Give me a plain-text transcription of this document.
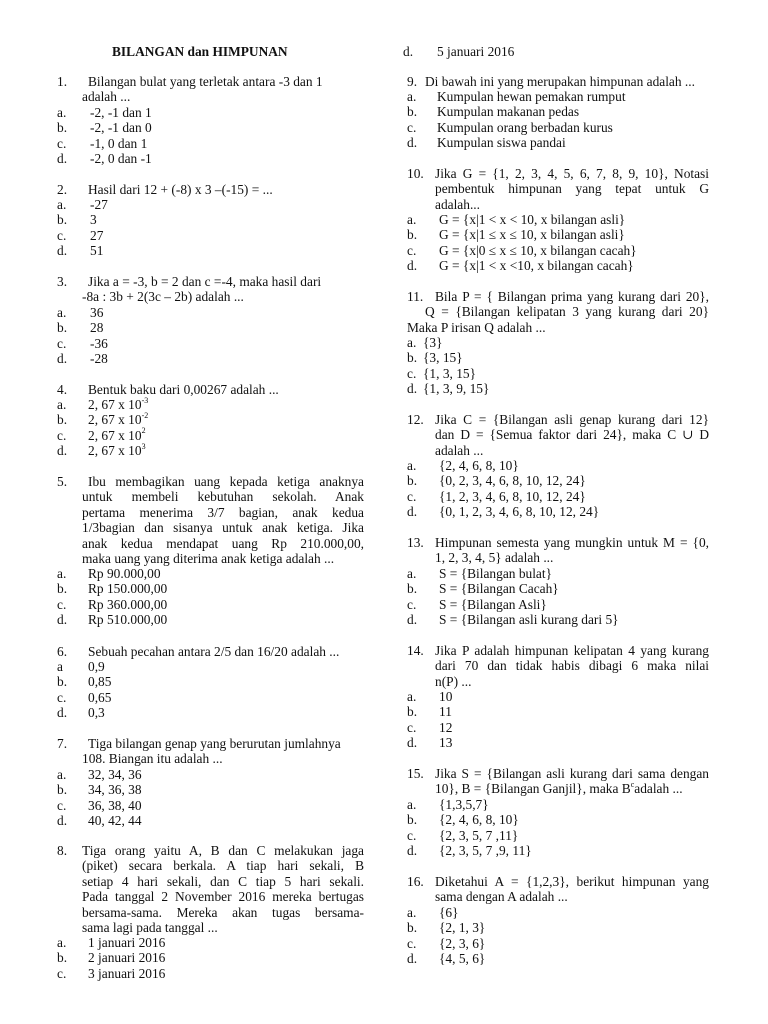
BILANGAN dan HIMPUNAN
1. Bilangan bulat yang terletak antara -3 dan 1
adalah ...
a. -2, -1 dan 1
b. -2, -1 dan 0
c. -1, 0 dan 1
d. -2, 0 dan -1
2. Hasil dari 12 + (-8) x 3 –(-15) = ...
a. -27
b. 3
c. 27
d. 51
3. Jika a = -3, b = 2 dan c =-4, maka hasil dari
-8a : 3b + 2(3c – 2b) adalah ...
a. 36
b. 28
c. -36
d. -28
4. Bentuk baku dari 0,00267 adalah ...
a. 2, 67 x $10^{-3}$
b. 2, 67 x $10^{-2}$
c. 2, 67 x $10^2$
d. 2, 67 x $10^3$
5. Ibu membagikan uang kepada ketiga anaknya
untuk membeli kebutuhan sekolah. Anak
pertama menerima 3/7 bagian, anak kedua
1/3bagian dan sisanya untuk anak ketiga. Jika
anak kedua mendapat uang Rp 210.000,00,
maka uang yang diterima anak ketiga adalah ...
a. Rp 90.000,00
b. Rp 150.000,00
c. Rp 360.000,00
d. Rp 510.000,00
6. Sebuah pecahan antara 2/5 dan 16/20 adalah ...
a 0,9
b. 0,85
c. 0,65
d. 0,3
7. Tiga bilangan genap yang berurutan jumlahnya
108. Biangan itu adalah ...
a. 32, 34, 36
b. 34, 36, 38
c. 36, 38, 40
d. 40, 42, 44
8. Tiga orang yaitu A, B dan C melakukan jaga
(piket) secara berkala. A tiap hari sekali, B
setiap 4 hari sekali, dan C tiap 5 hari sekali.
Pada tanggal 2 November 2016 mereka bertugas
bersama-sama. Mereka akan tugas bersama-
sama lagi pada tanggal ...
a. 1 januari 2016
b. 2 januari 2016
c. 3 januari 2016
d. 5 januari 2016
9. Di bawah ini yang merupakan himpunan adalah ...
a. Kumpulan hewan pemakan rumput
b. Kumpulan makanan pedas
c. Kumpulan orang berbadan kurus
d. Kumpulan siswa pandai
10. Jika G = {1, 2, 3, 4, 5, 6, 7, 8, 9, 10}, Notasi
pembentuk himpunan yang tepat untuk G
adalah...
a. G = {x|1 < x < 10, x bilangan asli}
b. G = {x|1 ≤ x ≤ 10, x bilangan asli}
c. G = {x|0 ≤ x ≤ 10, x bilangan cacah}
d. G = {x|1 < x <10, x bilangan cacah}
11. Bila P = { Bilangan prima yang kurang dari 20},
Q = {Bilangan kelipatan 3 yang kurang dari 20}
Maka P irisan Q adalah ...
a. {3}
b. {3, 15}
c. {1, 3, 15}
d. {1, 3, 9, 15}
12. Jika C = {Bilangan asli genap kurang dari 12}
dan D = {Semua faktor dari 24}, maka C ∪ D
adalah ...
a. {2, 4, 6, 8, 10}
b. {0, 2, 3, 4, 6, 8, 10, 12, 24}
c. {1, 2, 3, 4, 6, 8, 10, 12, 24}
d. {0, 1, 2, 3, 4, 6, 8, 10, 12, 24}
13. Himpunan semesta yang mungkin untuk M = {0,
1, 2, 3, 4, 5} adalah ...
a. S = {Bilangan bulat}
b. S = {Bilangan Cacah}
c. S = {Bilangan Asli}
d. S = {Bilangan asli kurang dari 5}
14. Jika P adalah himpunan kelipatan 4 yang kurang
dari 70 dan tidak habis dibagi 6 maka nilai
n(P) ...
a. 10
b. 11
c. 12
d. 13
15. Jika S = {Bilangan asli kurang dari sama dengan
10}, B = {Bilangan Ganjil}, maka $B^cadalah$ ...
a. {1,3,5,7}
b. {2, 4, 6, 8, 10}
c. {2, 3, 5, 7 ,11}
d. {2, 3, 5, 7 ,9, 11}
16. Diketahui A = {1,2,3}, berikut himpunan yang
sama dengan A adalah ...
a. {6}
b. {2, 1, 3}
c. {2, 3, 6}
d. {4, 5, 6}
